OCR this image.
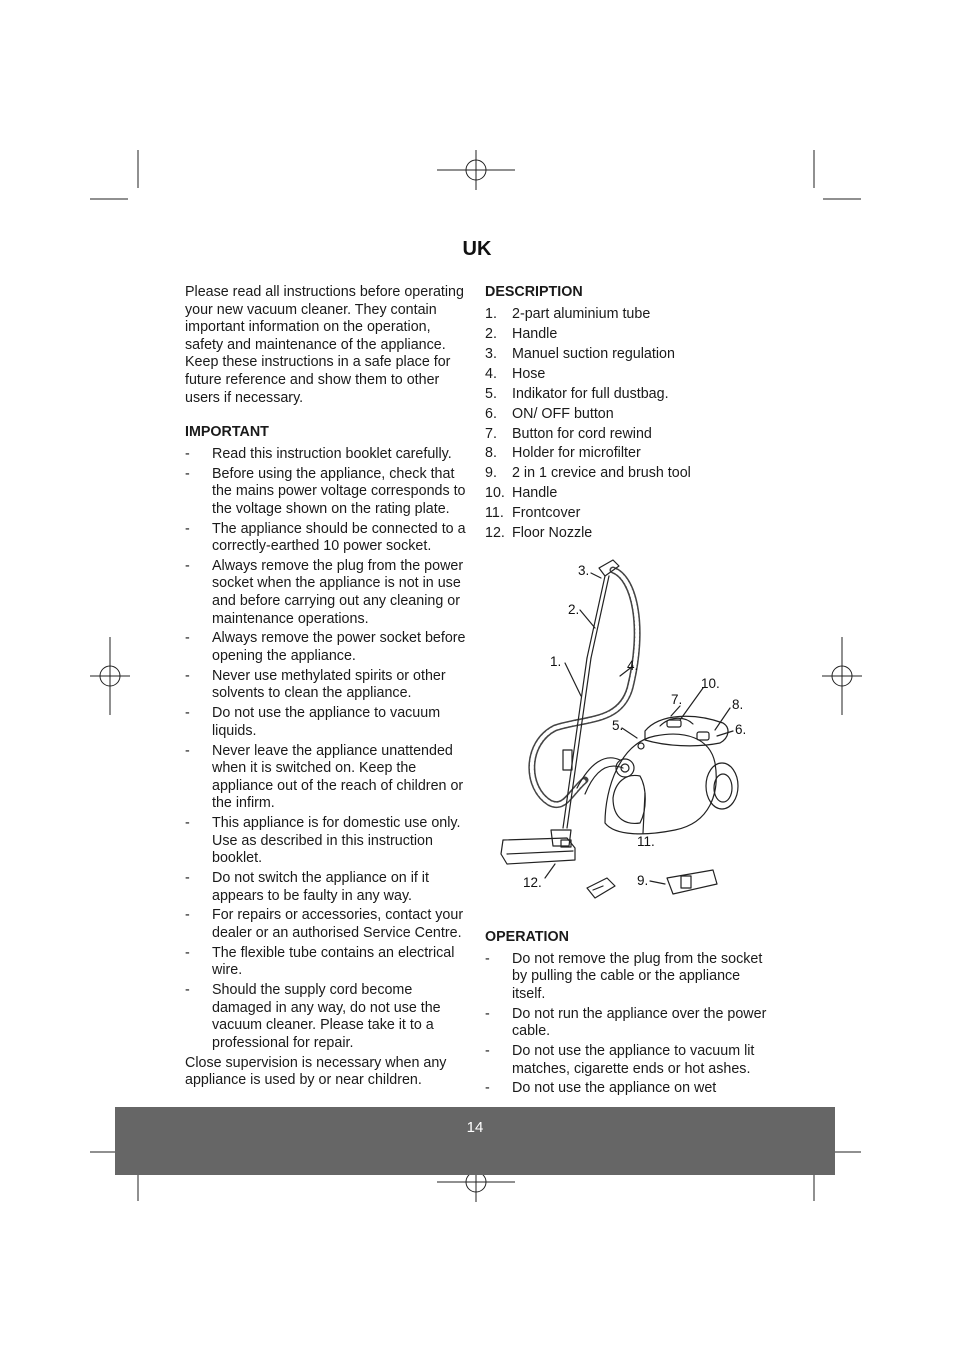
UK

Please read all instructions before operating your new vacuum cleaner. They contain important information on the operation, safety and maintenance of the appliance. Keep these instructions in a safe place for future reference and show them to other users if necessary.

IMPORTANT
- Read this instruction booklet carefully.
- Before using the appliance, check that the mains power voltage corresponds to the voltage shown on the rating plate.
- The appliance should be connected to a correctly-earthed 10 power socket.
- Always remove the plug from the power socket when the appliance is not in use and before carrying out any cleaning or maintenance operations.
- Always remove the power socket before opening the appliance.
- Never use methylated spirits or other solvents to clean the appliance.
- Do not use the appliance to vacuum liquids.
- Never leave the appliance unattended when it is switched on. Keep the appliance out of the reach of children or the infirm.
- This appliance is for domestic use only. Use as described in this instruction booklet.
- Do not switch the appliance on if it appears to be faulty in any way.
- For repairs or accessories, contact your dealer or an authorised Service Centre.
- The flexible tube contains an electrical wire.
- Should the supply cord become damaged in any way, do not use the vacuum cleaner. Please take it to a professional for repair.

Close supervision is necessary when any appliance is used by or near children.

DESCRIPTION
1. 2-part aluminium tube
2. Handle
3. Manuel suction regulation
4. Hose
5. Indikator for full dustbag.
6. ON/ OFF button
7. Button for cord rewind
8. Holder for microfilter
9. 2 in 1 crevice and brush tool
10. Handle
11. Frontcover
12. Floor Nozzle
3.
2.
1.	4.
5.
7.
10.
8.
6.
11.
12.	9.
OPERATION
- Do not remove the plug from the socket by pulling the cable or the appliance itself.
- Do not run the appliance over the power cable.
- Do not use the appliance to vacuum lit matches, cigarette ends or hot ashes.
- Do not use the appliance on wet
14
